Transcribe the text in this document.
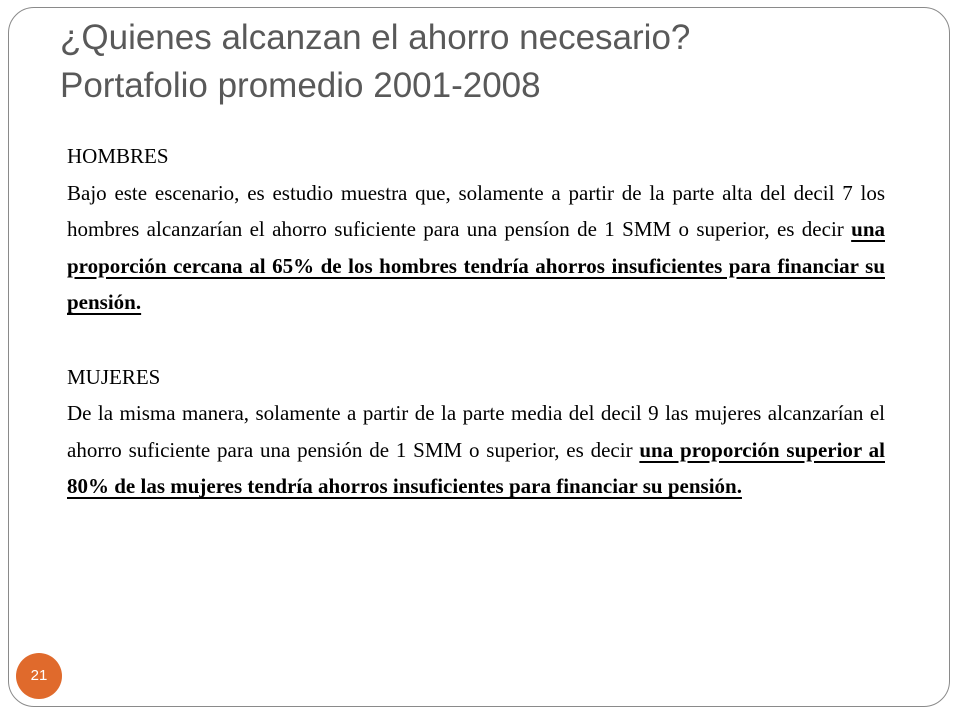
¿Quienes alcanzan el ahorro necesario?
Portafolio promedio 2001-2008

HOMBRES

Bajo este escenario, es estudio muestra que, solamente a partir de la parte alta del decil 7 los hombres alcanzarían el ahorro suficiente para una pensíon de 1 SMM o superior, es decir una proporción cercana al 65% de los hombres tendría ahorros insuficientes para financiar su pensión.

MUJERES

De la misma manera, solamente a partir de la parte media del decil 9 las mujeres alcanzarían el ahorro suficiente para una pensión de 1 SMM o superior, es decir una proporción superior al 80% de las mujeres tendría ahorros insuficientes para financiar su pensión.

21
